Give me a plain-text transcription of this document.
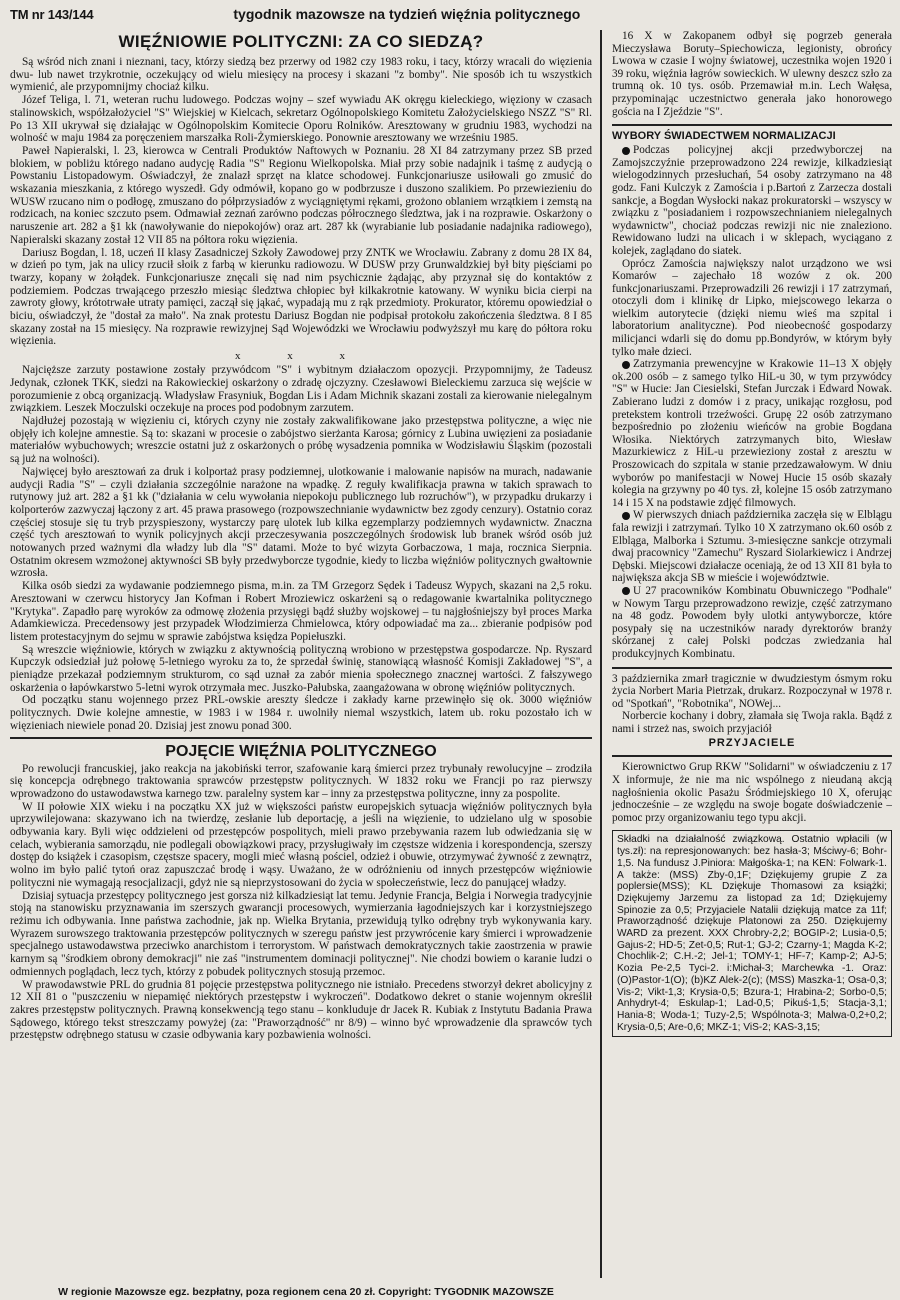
TM nr 143/144	tygodnik mazowsze na tydzień więźnia politycznego
WIĘŹNIOWIE POLITYCZNI: ZA CO SIEDZĄ?

Są wśród nich znani i nieznani, tacy, którzy siedzą bez przerwy od 1982 czy 1983 roku, i tacy, którzy wracali do więzienia dwu- lub nawet trzykrotnie, oczekujący od wielu miesięcy na procesy i skazani "z bomby". Nie sposób ich tu wszystkich wymienić, ale przypomnijmy chociaż kilku.

Józef Teliga, l. 71, weteran ruchu ludowego. Podczas wojny – szef wywiadu AK okręgu kieleckiego, więziony w czasach stalinowskich, współzałożyciel "S" Wiejskiej w Kielcach, sekretarz Ogólnopolskiego Komitetu Założycielskiego NSZZ "S" Rl. Po 13 XII ukrywał się działając w Ogólnopolskim Komitecie Oporu Rolników. Aresztowany w grudniu 1983, wychodzi na wolność w maju 1984 za poręczeniem marszałka Roli-Żymierskiego. Ponownie aresztowany we wrześniu 1985.

Paweł Napieralski, l. 23, kierowca w Centrali Produktów Naftowych w Poznaniu. 28 XI 84 zatrzymany przez SB przed blokiem, w pobliżu którego nadano audycję Radia "S" Regionu Wielkopolska. Miał przy sobie nadajnik i taśmę z audycją o Powstaniu Listopadowym. Oświadczył, że znalazł sprzęt na klatce schodowej. Funkcjonariusze usiłowali go zmusić do wskazania mieszkania, z którego wyszedł. Gdy odmówił, kopano go w podbrzusze i duszono szalikiem. Po przewiezieniu do WUSW rzucano nim o podłogę, zmuszano do półprzysiadów z wyciągniętymi rękami, grożono oblaniem wrzątkiem i zemstą na rodzicach, na koniec szczuto psem. Odmawiał zeznań zarówno podczas półrocznego śledztwa, jak i na rozprawie. Oskarżony o naruszenie art. 282 a §1 kk (nawoływanie do niepokojów) oraz art. 287 kk (wyrabianie lub posiadanie nadajnika radiowego), Napieralski skazany został 12 VII 85 na półtora roku więzienia.

Dariusz Bogdan, l. 18, uczeń II klasy Zasadniczej Szkoły Zawodowej przy ZNTK we Wrocławiu. Zabrany z domu 28 IX 84, w dzień po tym, jak na ulicy rzucił słoik z farbą w kierunku radiowozu. W DUSW przy Grunwaldzkiej był bity pięściami po twarzy, kopany w żołądek. Funkcjonariusze znęcali się nad nim psychicznie żądając, aby przyznał się do kontaktów z podziemiem. Podczas trwającego przeszło miesiąc śledztwa chłopiec był kilkakrotnie katowany. W wyniku bicia cierpi na zawroty głowy, krótotrwałe utraty pamięci, zaczął się jąkać, wypadają mu z rąk przedmioty. Prokurator, któremu opowiedział o biciu, oświadczył, że "dostał za mało". Na znak protestu Dariusz Bogdan nie podpisał protokołu zakończenia śledztwa. 8 I 85 skazany został na 15 miesięcy. Na rozprawie rewizyjnej Sąd Wojewódzki we Wrocławiu podwyższył mu karę do półtora roku więzienia.

x x x

Najcięższe zarzuty postawione zostały przywódcom "S" i wybitnym działaczom opozycji. Przypomnijmy, że Tadeusz Jedynak, członek TKK, siedzi na Rakowieckiej oskarżony o zdradę ojczyzny. Czesławowi Bieleckiemu zarzuca się wejście w porozumienie z obcą organizacją. Władysław Frasyniuk, Bogdan Lis i Adam Michnik skazani zostali za kierowanie nielegalnym związkiem. Leszek Moczulski oczekuje na proces pod podobnym zarzutem.

Najdłużej pozostają w więzieniu ci, których czyny nie zostały zakwalifikowane jako przestępstwa polityczne, a więc nie objęły ich kolejne amnestie. Są to: skazani w procesie o zabójstwo sierżanta Karosa; górnicy z Lubina uwięzieni za posiadanie materiałów wybuchowych; wreszcie ostatni już z oskarżonych o próbę wysadzenia pomnika w Wodzisławiu Śląskim (pozostali są już na wolności).

Najwięcej było aresztowań za druk i kolportaż prasy podziemnej, ulotkowanie i malowanie napisów na murach, nadawanie audycji Radia "S" – czyli działania szczególnie narażone na wpadkę. Z reguły kwalifikacja prawna w takich sprawach to rutynowy już art. 282 a §1 kk ("działania w celu wywołania niepokoju publicznego lub rozruchów"), w przypadku drukarzy i kolporterów zazwyczaj łączony z art. 45 prawa prasowego (rozpowszechnianie wydawnictw bez zgody cenzury). Ostatnio coraz częściej stosuje się tu tryb przyspieszony, wystarczy parę ulotek lub kilka egzemplarzy podziemnych wydawnictw. Znaczna część tych aresztowań to wynik policyjnych akcji przeczesywania poszczególnych środowisk lub branek wśród osób już notowanych przed ważnymi dla władzy lub dla "S" datami. Może to być wizyta Gorbaczowa, 1 maja, rocznica Sierpnia. Ostatnim okresem wzmożonej aktywności SB były przedwyborcze tygodnie, kiedy to liczba więźniów politycznych gwałtownie wzrosła.

Kilka osób siedzi za wydawanie podziemnego pisma, m.in. za TM Grzegorz Sędek i Tadeusz Wypych, skazani na 2,5 roku. Aresztowani w czerwcu historycy Jan Kofman i Robert Mroziewicz oskarżeni są o redagowanie kwartalnika politycznego "Krytyka". Zapadło parę wyroków za odmowę złożenia przysięgi bądź służby wojskowej – tu najgłośniejszy był proces Marka Adamkiewicza. Precedensowy jest przypadek Włodzimierza Chmielowca, który odpowiadać ma za... zbieranie podpisów pod listem protestacyjnym do sejmu w sprawie zabójstwa księdza Popiełuszki.

Są wreszcie więźniowie, których w związku z aktywnością polityczną wrobiono w przestępstwa gospodarcze. Np. Ryszard Kupczyk odsiedział już połowę 5-letniego wyroku za to, że sprzedał świnię, stanowiącą własność Komisji Zakładowej "S", a pieniądze przekazał podziemnym strukturom, co sąd uznał za zabór mienia społecznego znacznej wartości. Z fałszywego oskarżenia o łapówkarstwo 5-letni wyrok otrzymała mec. Juszko-Pałubska, zaangażowana w obronę więźniów politycznych.

Od początku stanu wojennego przez PRL-owskie areszty śledcze i zakłady karne przewinęło się ok. 3000 więźniów politycznych. Dwie kolejne amnestie, w 1983 i w 1984 r. uwolniły niemal wszystkich, latem ub. roku pozostało ich w więzieniach niewiele ponad 20. Dzisiaj jest znowu ponad 300.

POJĘCIE WIĘŹNIA POLITYCZNEGO

Po rewolucji francuskiej, jako reakcja na jakobiński terror, szafowanie karą śmierci przez trybunały rewolucyjne – zrodziła się koncepcja odrębnego traktowania sprawców przestępstw politycznych. W 1832 roku we Francji po raz pierwszy wprowadzono do ustawodawstwa karnego tzw. paralelny system kar – inny za przestępstwa polityczne, inny za pospolite.

W II połowie XIX wieku i na początku XX już w większości państw europejskich sytuacja więźniów politycznych była uprzywilejowana: skazywano ich na twierdzę, zesłanie lub deportację, a jeśli na więzienie, to udzielano ulg w sposobie odbywania kary. Byli więc oddzieleni od przestępców pospolitych, mieli prawo przebywania razem lub odwiedzania się w celach, wybierania samorządu, nie podlegali obowiązkowi pracy, przysługiwały im częstsze widzenia i korespondencja, szerszy dostęp do książek i czasopism, częstsze spacery, mogli mieć własną pościel, odzież i obuwie, otrzymywać żywność z zewnątrz, wolno im było palić tytoń oraz zapuszczać brodę i wąsy. Uważano, że w odróżnieniu od innych przestępców więźniowie polityczni nie wymagają resocjalizacji, gdyż nie są nieprzystosowani do życia w społeczeństwie, lecz do panującej władzy.

Dzisiaj sytuacja przestępcy politycznego jest gorsza niż kilkadziesiąt lat temu. Jedynie Francja, Belgia i Norwegia tradycyjnie stoją na stanowisku przyznawania im szerszych gwarancji procesowych, wymierzania łagodniejszych kar i korzystniejszego reżimu ich odbywania. Inne państwa zachodnie, jak np. Wielka Brytania, przewidują tylko odrębny tryb wykonywania kary. Wyrazem surowszego traktowania przestępców politycznych w szeregu państw jest przywrócenie kary śmierci i wprowadzenie specjalnego ustawodawstwa przeciwko anarchistom i terrorystom. W państwach demokratycznych takie zaostrzenia w prawie karnym są "środkiem obrony demokracji" nie zaś "instrumentem dominacji politycznej". Nie chodzi bowiem o karanie ludzi o odmiennych poglądach, lecz tych, którzy z pobudek politycznych stosują przemoc.

W prawodawstwie PRL do grudnia 81 pojęcie przestępstwa politycznego nie istniało. Precedens stworzył dekret abolicyjny z 12 XII 81 o "puszczeniu w niepamięć niektórych przestępstw i wykroczeń". Dodatkowo dekret o stanie wojennym określił zakres przestępstw politycznych. Prawną konsekwencją tego stanu – konkluduje dr Jacek R. Kubiak z Instytutu Badania Prawa Sądowego, którego tekst streszczamy powyżej (za: "Praworządność" nr 8/9) – winno być wprowadzenie dla sprawców tych przestępstw odrębnego statusu w czasie odbywania kary pozbawienia wolności.

16 X w Zakopanem odbył się pogrzeb generała Mieczysława Boruty–Spiechowicza, legionisty, obrońcy Lwowa w czasie I wojny światowej, uczestnika wojen 1920 i 39 roku, więźnia łagrów sowieckich. W ulewny deszcz szło za trumną ok. 10 tys. osób. Przemawiał m.in. Lech Wałęsa, przypominając uczestnictwo generała jako honorowego gościa na I Zjeździe "S".

WYBORY ŚWIADECTWEM NORMALIZACJI

Podczas policyjnej akcji przedwyborczej na Zamojszczyźnie przeprowadzono 224 rewizje, kilkadziesiąt wielogodzinnych przesłuchań, 54 osoby zatrzymano na 48 godz. Fani Kulczyk z Zamościa i p.Bartoń z Zarzecza dostali sankcje, a Bogdan Wysłocki nakaz prokuratorski – wszyscy w związku z "posiadaniem i rozpowszechnianiem nielegalnych wydawnictw", chociaż podczas rewizji nic nie znaleziono. Rewidowano ludzi na ulicach i w sklepach, wyciągano z kolejek, zaglądano do siatek.

Oprócz Zamościa największy nalot urządzono we wsi Komarów – zajechało 18 wozów z ok. 200 funkcjonariuszami. Przeprowadzili 26 rewizji i 17 zatrzymań, otoczyli dom i klinikę dr Lipko, miejscowego lekarza o wielkim autorytecie (dzięki niemu wieś ma szpital i laboratorium analityczne). Pod nieobecność gospodarzy milicjanci wdarli się do domu pp.Bondyrów, w którym były tylko małe dzieci.

Zatrzymania prewencyjne w Krakowie 11–13 X objęły ok.200 osób – z samego tylko HiL-u 30, w tym przywódcy "S" w Hucie: Jan Ciesielski, Stefan Jurczak i Edward Nowak. Zabierano ludzi z domów i z pracy, unikając rozgłosu, pod pretekstem kontroli trzeźwości. Grupę 22 osób zatrzymano bezpośrednio po złożeniu wieńców na grobie Bogdana Włosika. Niektórych zatrzymanych bito, Wiesław Mazurkiewicz z HiL-u przewieziony został z aresztu w Proszowicach do szpitala w stanie przedzawałowym. W dniu wyborów po manifestacji w Nowej Hucie 15 osób skazały kolegia na grzywny po 40 tys. zł, kolejne 15 osób zatrzymano 14 i 15 X na podstawie zdjęć filmowych.

W pierwszych dniach października zaczęła się w Elblągu fala rewizji i zatrzymań. Tylko 10 X zatrzymano ok.60 osób z Elbląga, Malborka i Sztumu. 3-miesięczne sankcje otrzymali dwaj pracownicy "Zamechu" Ryszard Siolarkiewicz i Andrzej Dębski. Miejscowi działacze oceniają, że od 13 XII 81 była to największa akcja SB w mieście i województwie.

U 27 pracowników Kombinatu Obuwniczego "Podhale" w Nowym Targu przeprowadzono rewizje, część zatrzymano na 48 godz. Powodem były ulotki antywyborcze, które posypały się na uczestników narady dyrektorów branży skórzanej z całej Polski podczas zwiedzania hal produkcyjnych Kombinatu.

3 października zmarł tragicznie w dwudziestym ósmym roku życia Norbert Maria Pietrzak, drukarz. Rozpoczynał w 1978 r. od "Spotkań", "Robotnika", NOWej...

Norbercie kochany i dobry, złamała się Twoja rakla. Bądź z nami i strzeż nas, swoich przyjaciół

PRZYJACIELE

Kierownictwo Grup RKW "Solidarni" w oświadczeniu z 17 X informuje, że nie ma nic wspólnego z nieudaną akcją nagłośnienia okolic Pasażu Śródmiejskiego 10 X, oferując jednocześnie – ze względu na swoje bogate doświadczenie – pomoc przy organizowaniu tego typu akcji.

Składki na działalność związkową. Ostatnio wpłacili (w tys.zł): na represjonowanych: bez hasła-3; Mściwy-6; Bohr-1,5. Na fundusz J.Piniora: Małgośka-1; na KEN: Folwark-1. A także: (MSS) Zby-0,1F; Dziękujemy grupie Z za poplersie(MSS); KL Dziękuje Thomasowi za książki; Dziękujemy Jarzemu za listopad za 1d; Dziękujemy Spinozie za 0,5; Przyjaciele Natalii dziękują matce za 11f; Praworządność dziękuje Platonowi za 250. Dziękujemy WARD za prezent. XXX Chrobry-2,2; BOGIP-2; Lusia-0,5; Gajus-2; HD-5; Zet-0,5; Rut-1; GJ-2; Czarny-1; Magda K-2; Chochlik-2; C.H.-2; Jel-1; TOMY-1; HF-7; Kamp-2; AJ-5; Kozia Pe-2,5 Tyci-2. i:Michał-3; Marchewka -1. Oraz: (O)Pastor-1(O); (b)KZ Alek-2(c); (MSS) Maszka-1; Osa-0,3; Vis-2; Vikt-1,3; Krysia-0,5; Bzura-1; Hrabina-2; Sorbo-0,5; Anhydryt-4; Eskulap-1; Lad-0,5; Pikuś-1,5; Stacja-3,1; Hania-8; Woda-1; Tuzy-2,5; Wspólnota-3; Malwa-0,2+0,2; Krysia-0,5; Are-0,6; MKZ-1; ViS-2; KAS-3,15;

W regionie Mazowsze egz. bezpłatny, poza regionem cena 20 zł. Copyright: TYGODNIK MAZOWSZE
